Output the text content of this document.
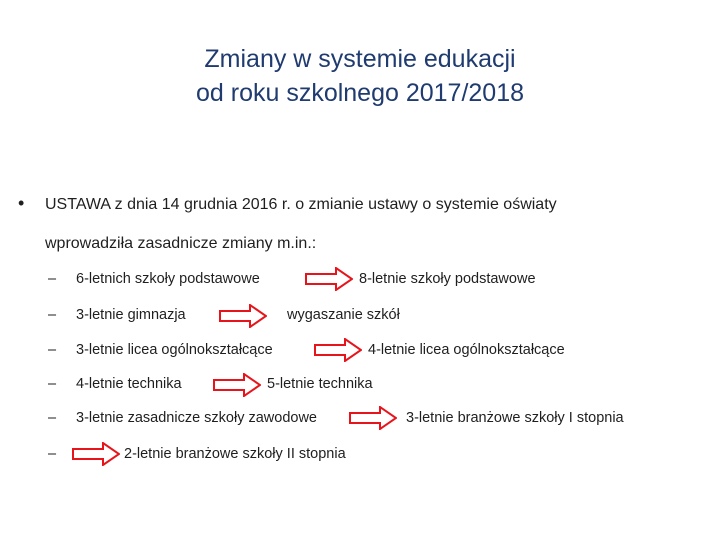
Zmiany w systemie edukacji
od roku szkolnego 2017/2018
•	USTAWA z dnia 14 grudnia 2016 r. o zmianie ustawy o systemie oświaty
wprowadziła zasadnicze zmiany m.in.:
– 6-letnich szkoły podstawowe	8-letnie szkoły podstawowe
– 3-letnie gimnazja	wygaszanie szkół
– 3-letnie licea ogólnokształcące	4-letnie licea ogólnokształcące
– 4-letnie technika	5-letnie technika
– 3-letnie zasadnicze szkoły zawodowe	3-letnie branżowe szkoły I stopnia
–	2-letnie branżowe szkoły II stopnia
